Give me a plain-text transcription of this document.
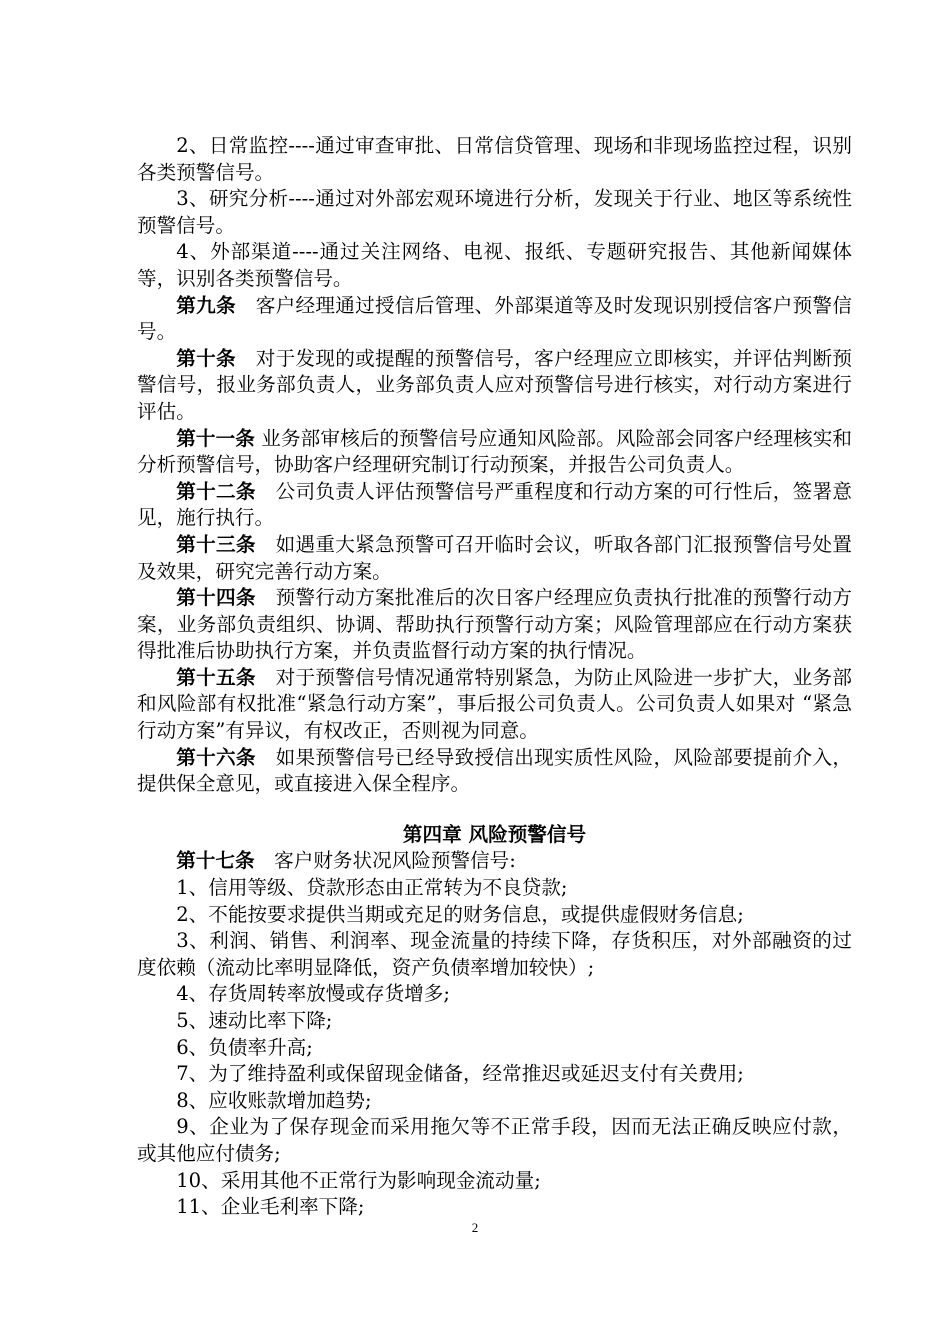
2、日常监控----通过审查审批、日常信贷管理、现场和非现场监控过程，识别各类预警信号。

3、研究分析----通过对外部宏观环境进行分析，发现关于行业、地区等系统性预警信号。

4、外部渠道----通过关注网络、电视、报纸、专题研究报告、其他新闻媒体等，识别各类预警信号。

第九条　客户经理通过授信后管理、外部渠道等及时发现识别授信客户预警信号。

第十条　对于发现的或提醒的预警信号，客户经理应立即核实，并评估判断预警信号，报业务部负责人，业务部负责人应对预警信号进行核实，对行动方案进行评估。

第十一条 业务部审核后的预警信号应通知风险部。风险部会同客户经理核实和分析预警信号，协助客户经理研究制订行动预案，并报告公司负责人。

第十二条　公司负责人评估预警信号严重程度和行动方案的可行性后，签署意见，施行执行。

第十三条　如遇重大紧急预警可召开临时会议，听取各部门汇报预警信号处置及效果，研究完善行动方案。

第十四条　预警行动方案批准后的次日客户经理应负责执行批准的预警行动方案，业务部负责组织、协调、帮助执行预警行动方案；风险管理部应在行动方案获得批准后协助执行方案，并负责监督行动方案的执行情况。

第十五条　对于预警信号情况通常特别紧急，为防止风险进一步扩大，业务部和风险部有权批准“紧急行动方案”，事后报公司负责人。公司负责人如果对 “紧急行动方案”有异议，有权改正，否则视为同意。

第十六条　如果预警信号已经导致授信出现实质性风险，风险部要提前介入，提供保全意见，或直接进入保全程序。

第四章 风险预警信号

第十七条　客户财务状况风险预警信号:

1、信用等级、贷款形态由正常转为不良贷款;

2、不能按要求提供当期或充足的财务信息，或提供虚假财务信息;

3、利润、销售、利润率、现金流量的持续下降，存货积压，对外部融资的过度依赖（流动比率明显降低，资产负债率增加较快）;

4、存货周转率放慢或存货增多;

5、速动比率下降;

6、负债率升高;

7、为了维持盈利或保留现金储备，经常推迟或延迟支付有关费用;

8、应收账款增加趋势;

9、企业为了保存现金而采用拖欠等不正常手段，因而无法正确反映应付款，或其他应付债务;

10、采用其他不正常行为影响现金流动量;

11、企业毛利率下降;

2
